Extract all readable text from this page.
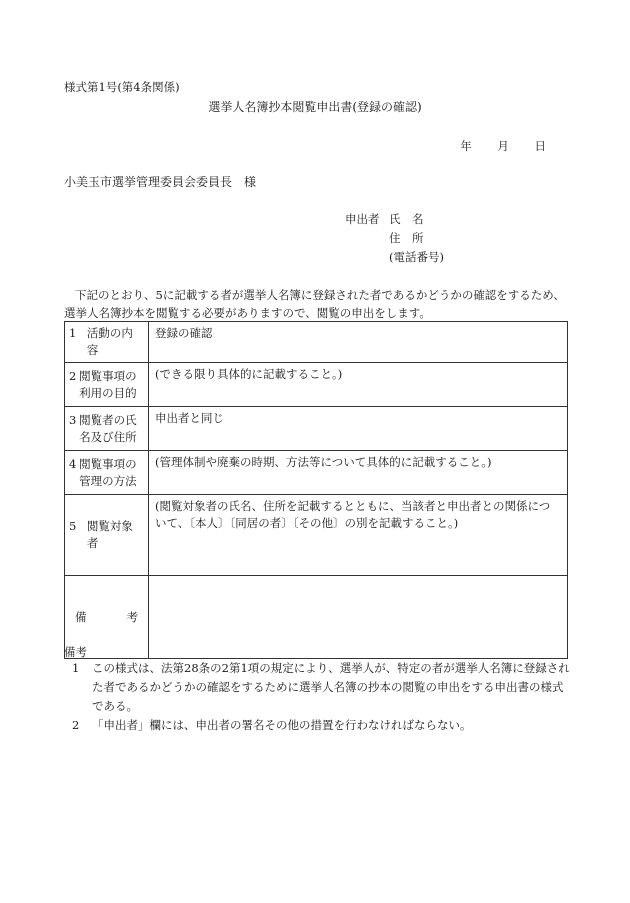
様式第1号(第4条関係)
選挙人名簿抄本閲覧申出書(登録の確認)
年 月 日
小美玉市選挙管理委員会委員長　様
申出者 氏　名
住　所
(電話番号)
下記のとおり、5に記載する者が選挙人名簿に登録された者であるかどうかの確認をするため、選挙人名簿抄本を閲覧する必要がありますので、閲覧の申出をします。
1 活動の内容	登録の確認

2 閲覧事項の利用の目的	(できる限り具体的に記載すること。)

3 閲覧者の氏名及び住所	申出者と同じ

4 閲覧事項の管理の方法	(管理体制や廃棄の時期、方法等について具体的に記載すること。)

5 閲覧対象者	(閲覧対象者の氏名、住所を記載するとともに、当該者と申出者との関係について、〔本人〕〔同居の者〕〔その他〕の別を記載すること。)

備 考	

備考
1 この様式は、法第28条の2第1項の規定により、選挙人が、特定の者が選挙人名簿に登録された者であるかどうかの確認をするために選挙人名簿の抄本の閲覧の申出をする申出書の様式である。
2 「申出者」欄には、申出者の署名その他の措置を行わなければならない。
